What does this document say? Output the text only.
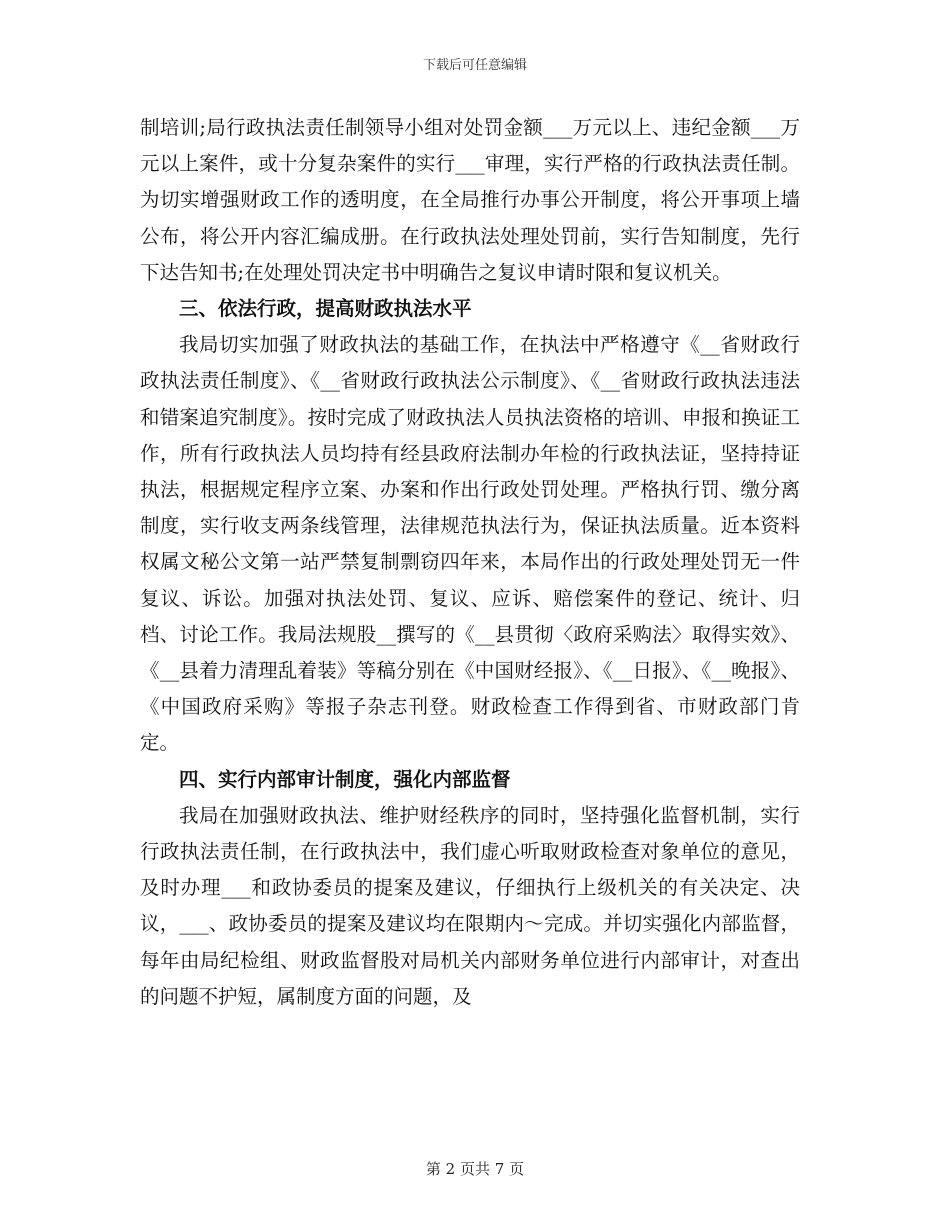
下载后可任意编辑

制培训;局行政执法责任制领导小组对处罚金额___万元以上、违纪金额___万元以上案件，或十分复杂案件的实行___审理，实行严格的行政执法责任制。为切实增强财政工作的透明度，在全局推行办事公开制度，将公开事项上墙公布，将公开内容汇编成册。在行政执法处理处罚前，实行告知制度，先行下达告知书;在处理处罚决定书中明确告之复议申请时限和复议机关。

三、依法行政，提高财政执法水平

我局切实加强了财政执法的基础工作，在执法中严格遵守《__省财政行政执法责任制度》、《__省财政行政执法公示制度》、《__省财政行政执法违法和错案追究制度》。按时完成了财政执法人员执法资格的培训、申报和换证工作，所有行政执法人员均持有经县政府法制办年检的行政执法证，坚持持证执法，根据规定程序立案、办案和作出行政处罚处理。严格执行罚、缴分离制度，实行收支两条线管理，法律规范执法行为，保证执法质量。近本资料权属文秘公文第一站严禁复制剽窃四年来，本局作出的行政处理处罚无一件复议、诉讼。加强对执法处罚、复议、应诉、赔偿案件的登记、统计、归档、讨论工作。我局法规股__撰写的《__县贯彻〈政府采购法〉取得实效》、《__县着力清理乱着装》等稿分别在《中国财经报》、《__日报》、《__晚报》、《中国政府采购》等报子杂志刊登。财政检查工作得到省、市财政部门肯定。

四、实行内部审计制度，强化内部监督

我局在加强财政执法、维护财经秩序的同时，坚持强化监督机制，实行行政执法责任制，在行政执法中，我们虚心听取财政检查对象单位的意见，及时办理___和政协委员的提案及建议，仔细执行上级机关的有关决定、决议，___、政协委员的提案及建议均在限期内～完成。并切实强化内部监督，每年由局纪检组、财政监督股对局机关内部财务单位进行内部审计，对查出的问题不护短，属制度方面的问题，及

第 2 页共 7 页
